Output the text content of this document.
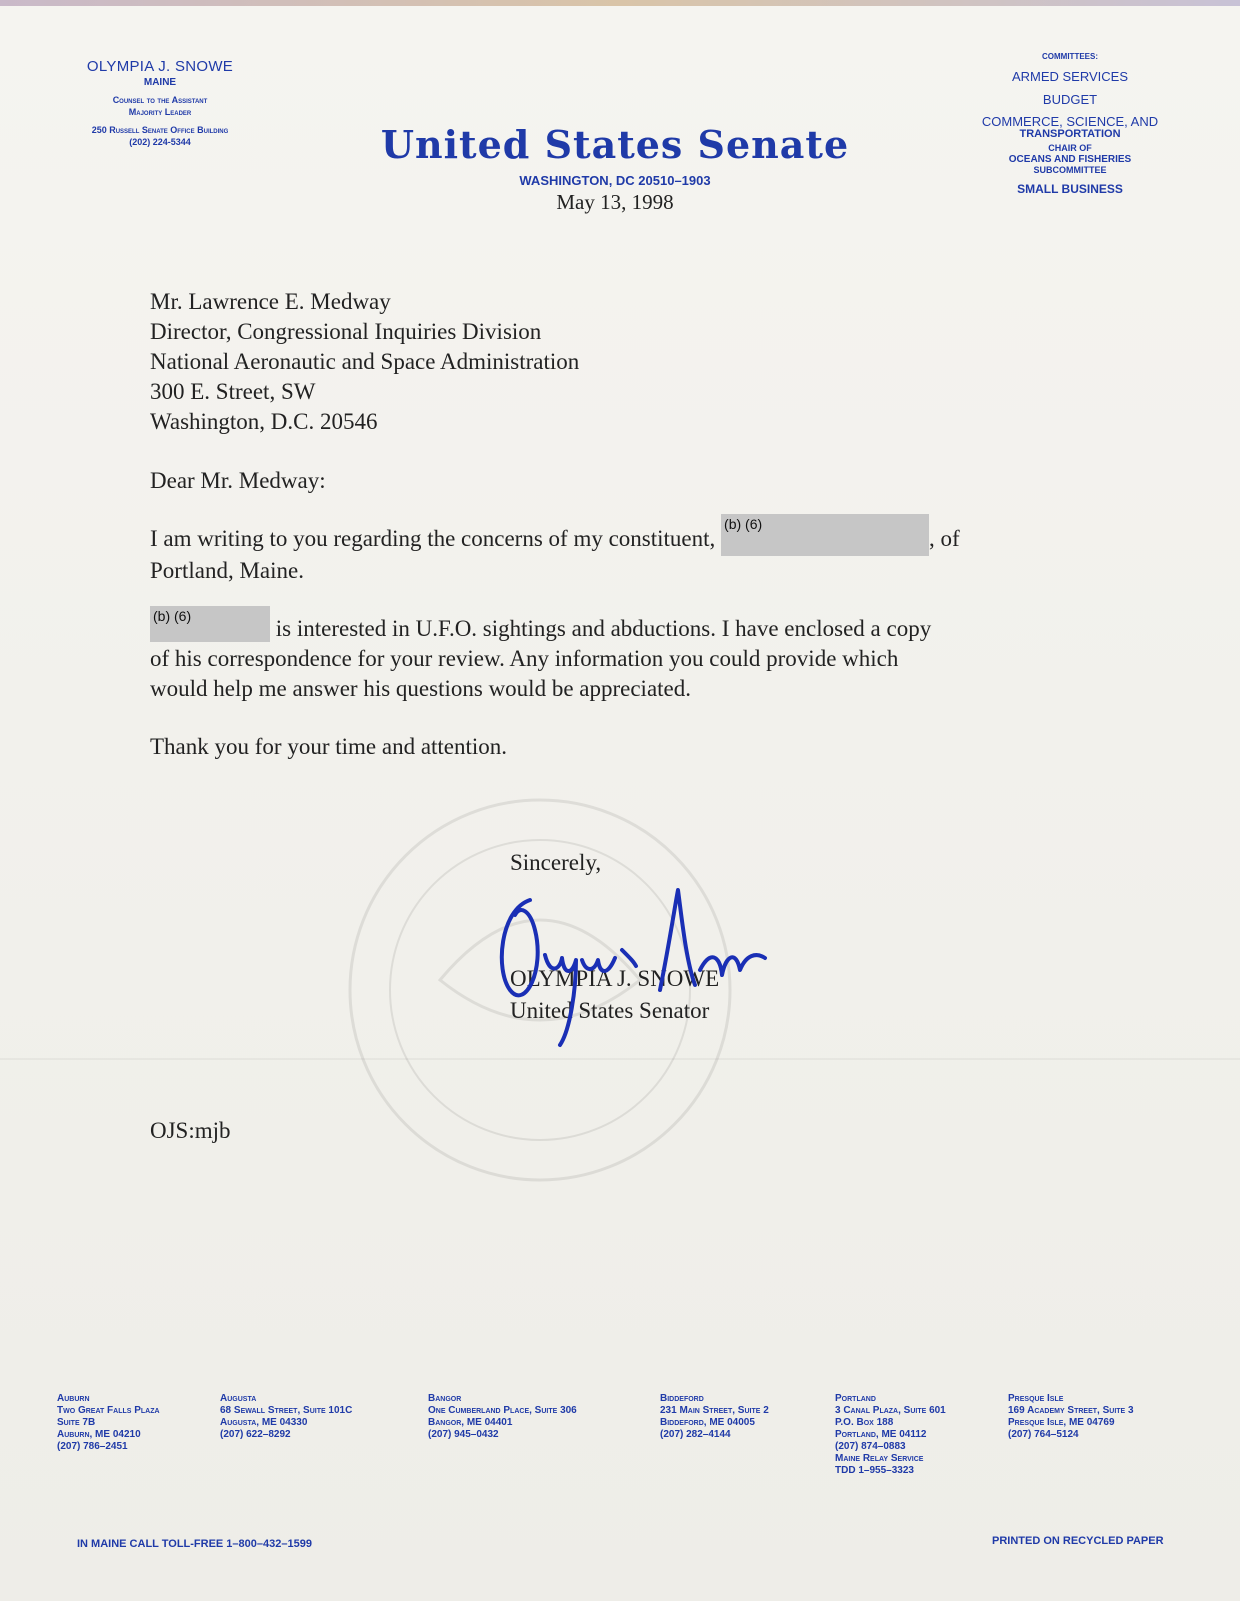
OLYMPIA J. SNOWE
MAINE
Counsel to the Assistant
Majority Leader
250 Russell Senate Office Building
(202) 224-5344	United States Senate
WASHINGTON, DC 20510–1903
May 13, 1998
COMMITTEES:
ARMED SERVICES
BUDGET
COMMERCE, SCIENCE, AND
TRANSPORTATION
CHAIR OF
OCEANS AND FISHERIES
SUBCOMMITTEE
SMALL BUSINESS
Mr. Lawrence E. Medway
Director, Congressional Inquiries Division
National Aeronautic and Space Administration
300 E. Street, SW
Washington, D.C. 20546
Dear Mr. Medway:
I am writing to you regarding the concerns of my constituent, (b) (6), of
Portland, Maine.
(b) (6)	is interested in U.F.O. sightings and abductions. I have enclosed a copy
of his correspondence for your review. Any information you could provide which
would help me answer his questions would be appreciated.
Thank you for your time and attention.
Sincerely,
OLYMPIA J. SNOWE
United States Senator
OJS:mjb
Auburn
Two Great Falls Plaza
Suite 7B
Auburn, ME 04210
(207) 786–2451
Augusta
68 Sewall Street, Suite 101C
Augusta, ME 04330
(207) 622–8292
Bangor
One Cumberland Place, Suite 306
Bangor, ME 04401
(207) 945–0432
Biddeford
231 Main Street, Suite 2
Biddeford, ME 04005
(207) 282–4144
Portland
3 Canal Plaza, Suite 601
P.O. Box 188
Portland, ME 04112
(207) 874–0883
Maine Relay Service
TDD 1–955–3323
Presque Isle
169 Academy Street, Suite 3
Presque Isle, ME 04769
(207) 764–5124
IN MAINE CALL TOLL-FREE 1–800–432–1599	PRINTED ON RECYCLED PAPER
